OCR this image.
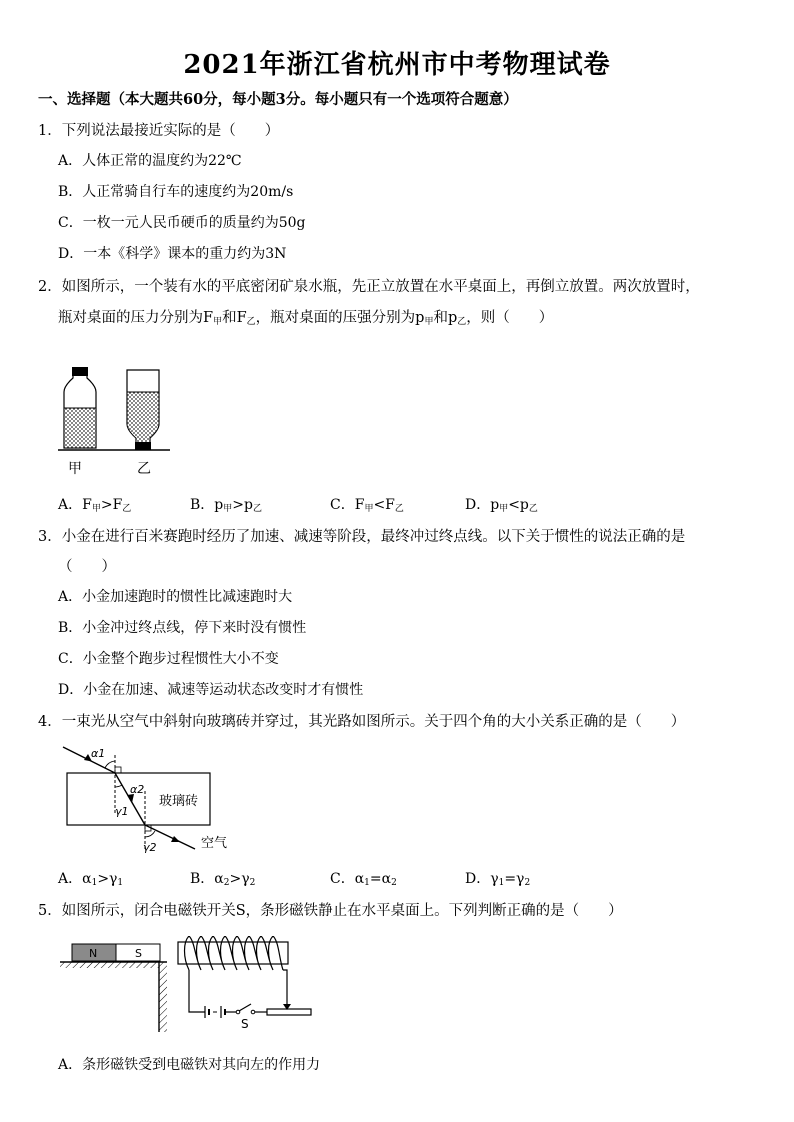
2021年浙江省杭州市中考物理试卷
一、选择题（本大题共60分，每小题3分。每小题只有一个选项符合题意）
1．下列说法最接近实际的是（　　）
A．人体正常的温度约为22℃
B．人正常骑自行车的速度约为20m/s
C．一枚一元人民币硬币的质量约为50g
D．一本《科学》课本的重力约为3N
2．如图所示，一个装有水的平底密闭矿泉水瓶，先正立放置在水平桌面上，再倒立放置。两次放置时，
瓶对桌面的压力分别为$F_甲$和$F_乙$，瓶对桌面的压强分别为$p_甲$和$p_乙$，则（　　）
甲	乙
A．$F_甲>F_乙$	B．$p_甲>p_乙$	C．$F_甲<F_乙$	D．$p_甲<p_乙$
3．小金在进行百米赛跑时经历了加速、减速等阶段，最终冲过终点线。以下关于惯性的说法正确的是
（　　）
A．小金加速跑时的惯性比减速跑时大
B．小金冲过终点线，停下来时没有惯性
C．小金整个跑步过程惯性大小不变
D．小金在加速、减速等运动状态改变时才有惯性
4．一束光从空气中斜射向玻璃砖并穿过，其光路如图所示。关于四个角的大小关系正确的是（　　）
α1
α2
γ1
γ2
玻璃砖
空气
A．$\alpha_1>\gamma_1$	B．$\alpha_2>\gamma_2$	C．$\alpha_1=\alpha_2$	D．$\gamma_1=\gamma_2$
5．如图所示，闭合电磁铁开关S，条形磁铁静止在水平桌面上。下列判断正确的是（　　）
N	S
S
A．条形磁铁受到电磁铁对其向左的作用力
